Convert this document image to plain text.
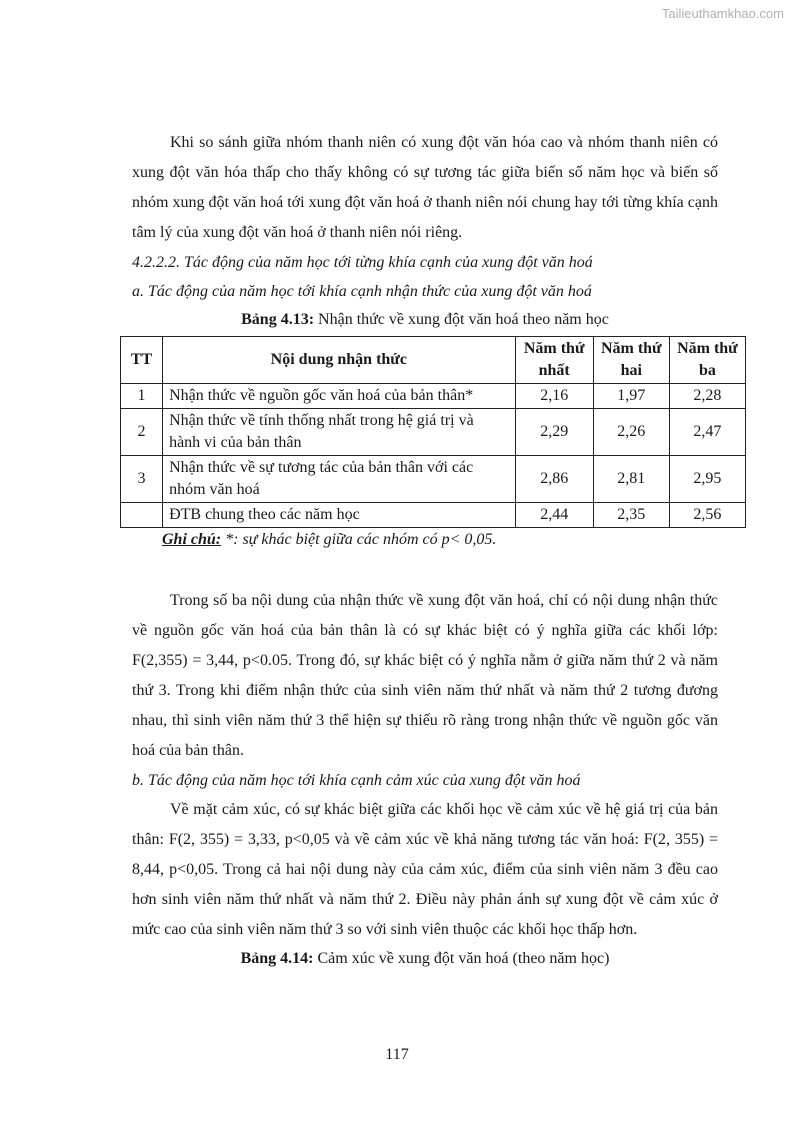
Tailieuthamkhao.com

Khi so sánh giữa nhóm thanh niên có xung đột văn hóa cao và nhóm thanh niên có xung đột văn hóa thấp cho thấy không có sự tương tác giữa biến số năm học và biến số nhóm xung đột văn hoá tới xung đột văn hoá ở thanh niên nói chung hay tới từng khía cạnh tâm lý của xung đột văn hoá ở thanh niên nói riêng.

4.2.2.2. Tác động của năm học tới từng khía cạnh của xung đột văn hoá

a. Tác động của năm học tới khía cạnh nhận thức của xung đột văn hoá

Bảng 4.13: Nhận thức về xung đột văn hoá theo năm học

TT	Nội dung nhận thức	Năm thứ nhất	Năm thứ hai	Năm thứ ba
1	Nhận thức về nguồn gốc văn hoá của bản thân*	2,16	1,97	2,28
2	Nhận thức về tính thống nhất trong hệ giá trị và hành vi của bản thân	2,29	2,26	2,47
3	Nhận thức về sự tương tác của bản thân với các nhóm văn hoá	2,86	2,81	2,95
	ĐTB chung theo các năm học	2,44	2,35	2,56

Ghi chú: *: sự khác biệt giữa các nhóm có p< 0,05.

Trong số ba nội dung của nhận thức về xung đột văn hoá, chỉ có nội dung nhận thức về nguồn gốc văn hoá của bản thân là có sự khác biệt có ý nghĩa giữa các khối lớp: F(2,355) = 3,44, p<0.05. Trong đó, sự khác biệt có ý nghĩa nằm ở giữa năm thứ 2 và năm thứ 3. Trong khi điểm nhận thức của sinh viên năm thứ nhất và năm thứ 2 tương đương nhau, thì sinh viên năm thứ 3 thể hiện sự thiếu rõ ràng trong nhận thức về nguồn gốc văn hoá của bản thân.

b. Tác động của năm học tới khía cạnh cảm xúc của xung đột văn hoá

Về mặt cảm xúc, có sự khác biệt giữa các khối học về cảm xúc về hệ giá trị của bản thân: F(2, 355) = 3,33, p<0,05 và về cảm xúc về khả năng tương tác văn hoá: F(2, 355) = 8,44, p<0,05. Trong cả hai nội dung này của cảm xúc, điểm của sinh viên năm 3 đều cao hơn sinh viên năm thứ nhất và năm thứ 2. Điều này phản ánh sự xung đột về cảm xúc ở mức cao của sinh viên năm thứ 3 so với sinh viên thuộc các khối học thấp hơn.

Bảng 4.14: Cảm xúc về xung đột văn hoá (theo năm học)

117
